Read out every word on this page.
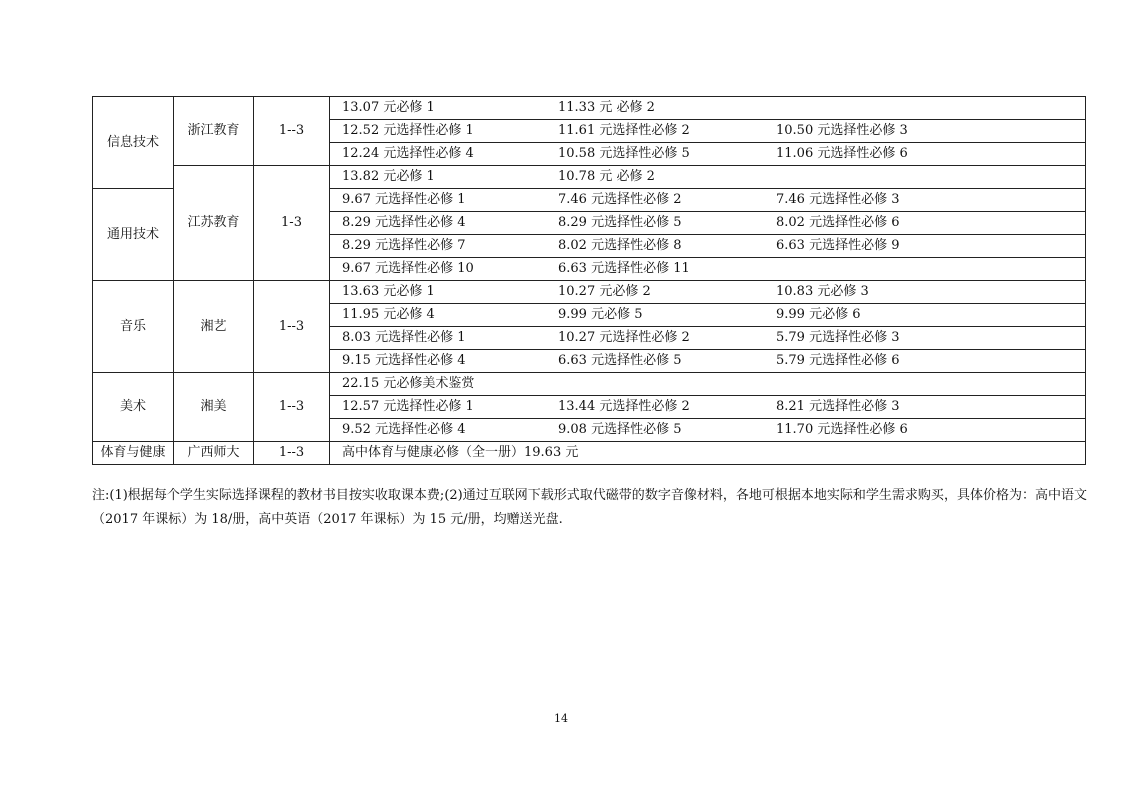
信息技术	浙江教育	1--3	13.07 元必修 1 11.33 元 必修 2
			12.52 元选择性必修 1 11.61 元选择性必修 2 10.50 元选择性必修 3
			12.24 元选择性必修 4 10.58 元选择性必修 5 11.06 元选择性必修 6
	江苏教育	1-3	13.82 元必修 1 10.78 元 必修 2
通用技术			9.67 元选择性必修 1 7.46 元选择性必修 2 7.46 元选择性必修 3
			8.29 元选择性必修 4 8.29 元选择性必修 5 8.02 元选择性必修 6
			8.29 元选择性必修 7 8.02 元选择性必修 8 6.63 元选择性必修 9
			9.67 元选择性必修 10 6.63 元选择性必修 11
音乐	湘艺	1--3	13.63 元必修 1 10.27 元必修 2 10.83 元必修 3
			11.95 元必修 4 9.99 元必修 5 9.99 元必修 6
			8.03 元选择性必修 1 10.27 元选择性必修 2 5.79 元选择性必修 3
			9.15 元选择性必修 4 6.63 元选择性必修 5 5.79 元选择性必修 6
美术	湘美	1--3	22.15 元必修美术鉴赏
			12.57 元选择性必修 1 13.44 元选择性必修 2 8.21 元选择性必修 3
			9.52 元选择性必修 4 9.08 元选择性必修 5 11.70 元选择性必修 6
体育与健康	广西师大	1--3	高中体育与健康必修（全一册）19.63 元
注:(1)根据每个学生实际选择课程的教材书目按实收取课本费;(2)通过互联网下载形式取代磁带的数字音像材料，各地可根据本地实际和学生需求购买，具体价格为：高中语文（2017 年课标）为 18/册，高中英语（2017 年课标）为 15 元/册，均赠送光盘.
14
